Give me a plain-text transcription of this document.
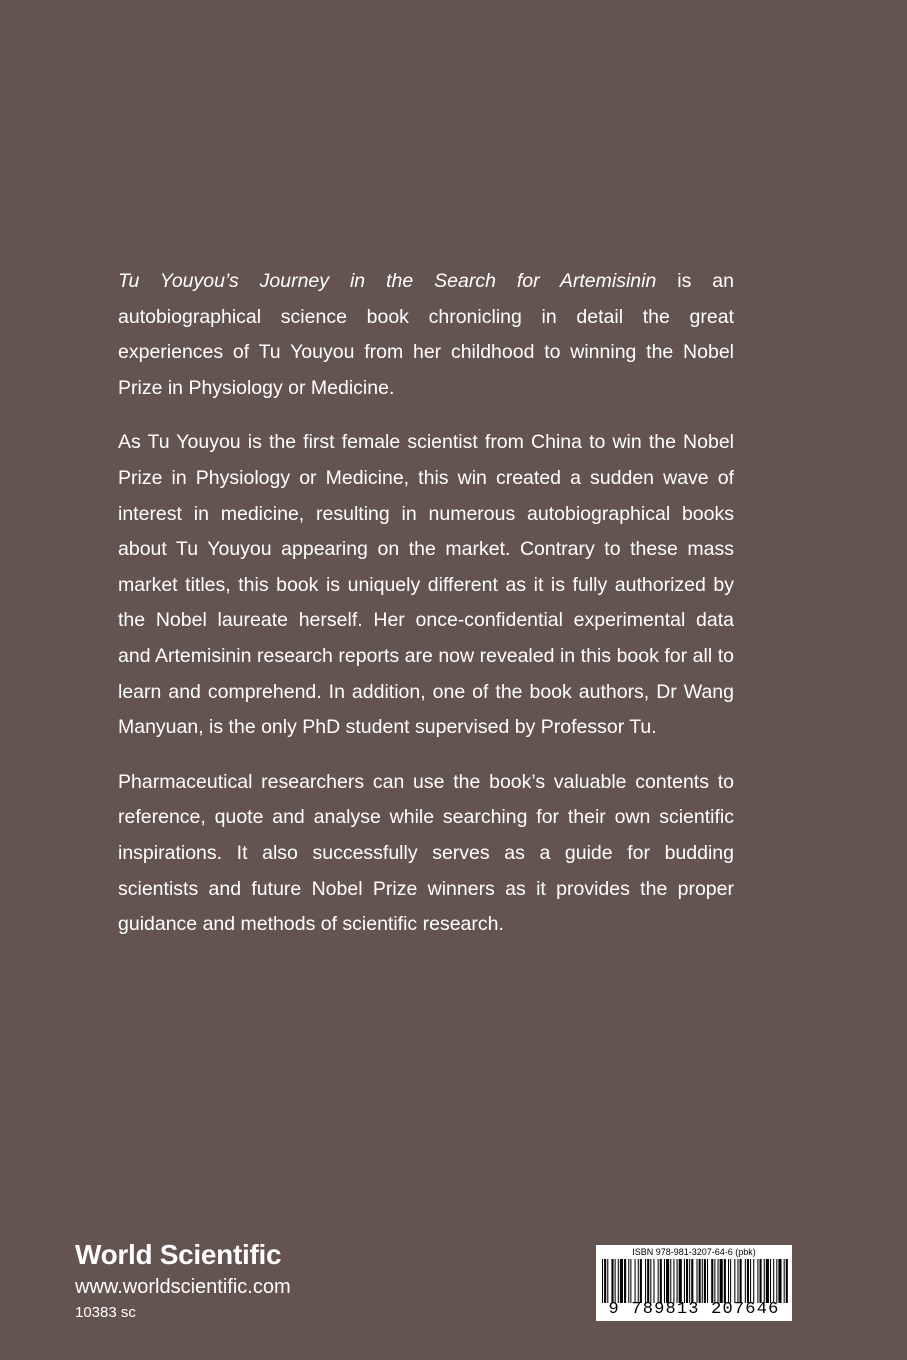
Tu Youyou’s Journey in the Search for Artemisinin is an autobiographical science book chronicling in detail the great experiences of Tu Youyou from her childhood to winning the Nobel Prize in Physiology or Medicine.

As Tu Youyou is the first female scientist from China to win the Nobel Prize in Physiology or Medicine, this win created a sudden wave of interest in medicine, resulting in numerous autobiographical books about Tu Youyou appearing on the market. Contrary to these mass market titles, this book is uniquely different as it is fully authorized by the Nobel laureate herself. Her once-confidential experimental data and Artemisinin research reports are now revealed in this book for all to learn and comprehend. In addition, one of the book authors, Dr Wang Manyuan, is the only PhD student supervised by Professor Tu.

Pharmaceutical researchers can use the book’s valuable contents to reference, quote and analyse while searching for their own scientific inspirations. It also successfully serves as a guide for budding scientists and future Nobel Prize winners as it provides the proper guidance and methods of scientific research.

World Scientific
www.worldscientific.com
10383 sc
ISBN 978-981-3207-64-6 (pbk)
9 789813 207646
